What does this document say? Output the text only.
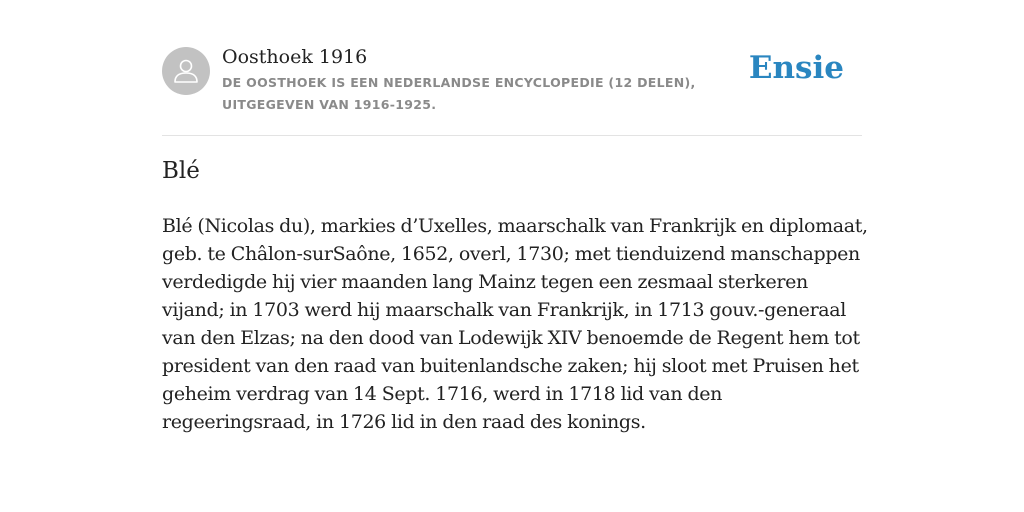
Oosthoek 1916
DE OOSTHOEK IS EEN NEDERLANDSE ENCYCLOPEDIE (12 DELEN), UITGEGEVEN VAN 1916-1925.
Ensie
Blé

Blé (Nicolas du), markies d’Uxelles, maarschalk van Frankrijk en diplomaat, geb. te Châlon-surSaône, 1652, overl, 1730; met tienduizend manschappen verdedigde hij vier maanden lang Mainz tegen een zesmaal sterkeren vijand; in 1703 werd hij maarschalk van Frankrijk, in 1713 gouv.-generaal van den Elzas; na den dood van Lodewijk XIV benoemde de Regent hem tot president van den raad van buitenlandsche zaken; hij sloot met Pruisen het geheim verdrag van 14 Sept. 1716, werd in 1718 lid van den regeeringsraad, in 1726 lid in den raad des konings.
